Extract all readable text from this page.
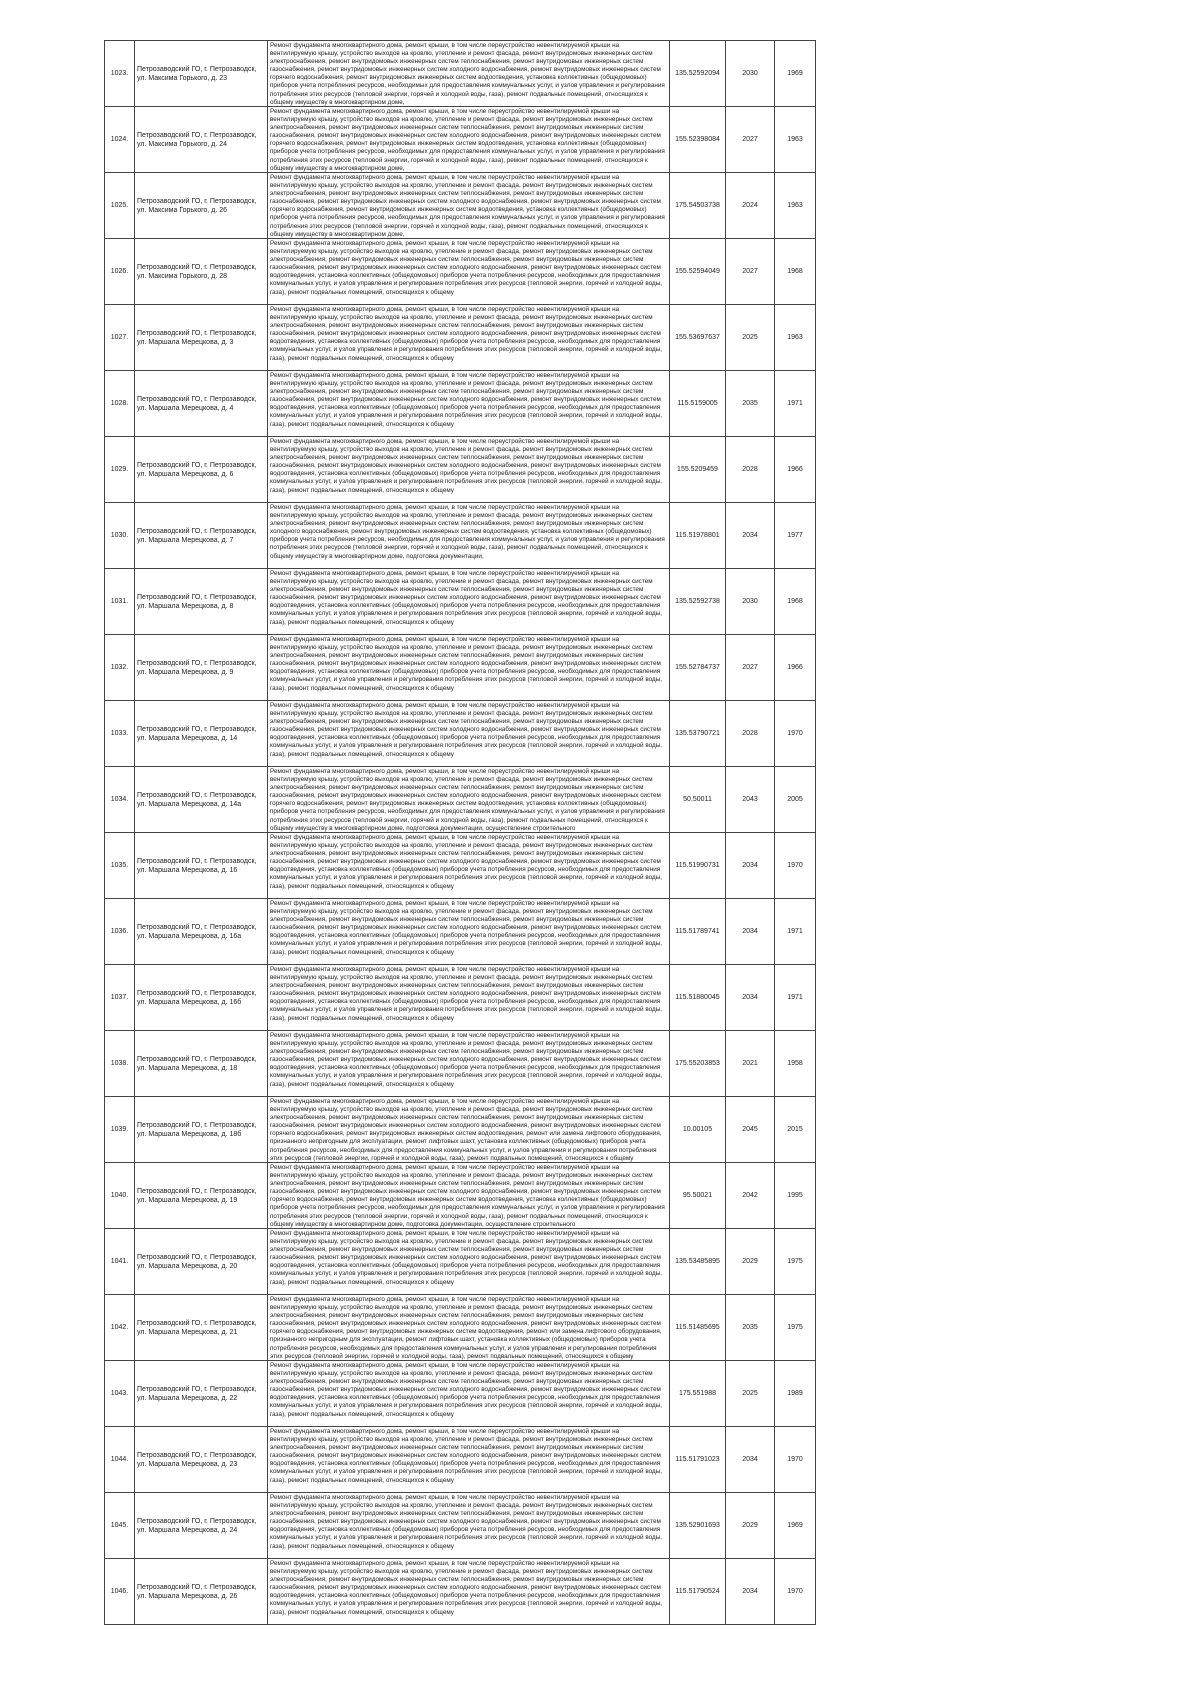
1023.	Петрозаводский ГО, г. Петрозаводск, ул. Максима Горького, д. 23	Ремонт фундамента многоквартирного дома, ремонт крыши, в том числе переустройство невентилируемой крыши на вентилируемую крышу, устройство выходов на кровлю, утепление и ремонт фасада, ремонт внутридомовых инженерных систем электроснабжения, ремонт внутридомовых инженерных систем теплоснабжения, ремонт внутридомовых инженерных систем газоснабжения, ремонт внутридомовых инженерных систем холодного водоснабжения, ремонт внутридомовых инженерных систем горячего водоснабжения, ремонт внутридомовых инженерных систем водоотведения, установка коллективных (общедомовых) приборов учета потребления ресурсов, необходимых для предоставления коммунальных услуг, и узлов управления и регулирования потребления этих ресурсов (тепловой энергии, горячей и холодной воды, газа), ремонт подвальных помещений, относящихся к общему имуществу в многоквартирном доме,	135.52592094	2030	1969
1024.	Петрозаводский ГО, г. Петрозаводск, ул. Максима Горького, д. 24	Ремонт фундамента многоквартирного дома, ремонт крыши, в том числе переустройство невентилируемой крыши на вентилируемую крышу, устройство выходов на кровлю, утепление и ремонт фасада, ремонт внутридомовых инженерных систем электроснабжения, ремонт внутридомовых инженерных систем теплоснабжения, ремонт внутридомовых инженерных систем газоснабжения, ремонт внутридомовых инженерных систем холодного водоснабжения, ремонт внутридомовых инженерных систем горячего водоснабжения, ремонт внутридомовых инженерных систем водоотведения, установка коллективных (общедомовых) приборов учета потребления ресурсов, необходимых для предоставления коммунальных услуг, и узлов управления и регулирования потребления этих ресурсов (тепловой энергии, горячей и холодной воды, газа), ремонт подвальных помещений, относящихся к общему имуществу в многоквартирном доме,	155.52398084	2027	1963
1025.	Петрозаводский ГО, г. Петрозаводск, ул. Максима Горького, д. 26	Ремонт фундамента многоквартирного дома, ремонт крыши, в том числе переустройство невентилируемой крыши на вентилируемую крышу, устройство выходов на кровлю, утепление и ремонт фасада, ремонт внутридомовых инженерных систем электроснабжения, ремонт внутридомовых инженерных систем теплоснабжения, ремонт внутридомовых инженерных систем газоснабжения, ремонт внутридомовых инженерных систем холодного водоснабжения, ремонт внутридомовых инженерных систем горячего водоснабжения, ремонт внутридомовых инженерных систем водоотведения, установка коллективных (общедомовых) приборов учета потребления ресурсов, необходимых для предоставления коммунальных услуг, и узлов управления и регулирования потребления этих ресурсов (тепловой энергии, горячей и холодной воды, газа), ремонт подвальных помещений, относящихся к общему имуществу в многоквартирном доме,	175.54503738	2024	1963
1026.	Петрозаводский ГО, г. Петрозаводск, ул. Максима Горького, д. 28	Ремонт фундамента многоквартирного дома, ремонт крыши, в том числе переустройство невентилируемой крыши на вентилируемую крышу, устройство выходов на кровлю, утепление и ремонт фасада, ремонт внутридомовых инженерных систем электроснабжения, ремонт внутридомовых инженерных систем теплоснабжения, ремонт внутридомовых инженерных систем газоснабжения, ремонт внутридомовых инженерных систем холодного водоснабжения, ремонт внутридомовых инженерных систем водоотведения, установка коллективных (общедомовых) приборов учета потребления ресурсов, необходимых для предоставления коммунальных услуг, и узлов управления и регулирования потребления этих ресурсов (тепловой энергии, горячей и холодной воды, газа), ремонт подвальных помещений, относящихся к общему	155.52594049	2027	1968
1027.	Петрозаводский ГО, г. Петрозаводск, ул. Маршала Мерецкова, д. 3	Ремонт фундамента многоквартирного дома, ремонт крыши, в том числе переустройство невентилируемой крыши на вентилируемую крышу, устройство выходов на кровлю, утепление и ремонт фасада, ремонт внутридомовых инженерных систем электроснабжения, ремонт внутридомовых инженерных систем теплоснабжения, ремонт внутридомовых инженерных систем газоснабжения, ремонт внутридомовых инженерных систем холодного водоснабжения, ремонт внутридомовых инженерных систем водоотведения, установка коллективных (общедомовых) приборов учета потребления ресурсов, необходимых для предоставления коммунальных услуг, и узлов управления и регулирования потребления этих ресурсов (тепловой энергии, горячей и холодной воды, газа), ремонт подвальных помещений, относящихся к общему	155.53697637	2025	1963
1028.	Петрозаводский ГО, г. Петрозаводск, ул. Маршала Мерецкова, д. 4	Ремонт фундамента многоквартирного дома, ремонт крыши, в том числе переустройство невентилируемой крыши на вентилируемую крышу, устройство выходов на кровлю, утепление и ремонт фасада, ремонт внутридомовых инженерных систем электроснабжения, ремонт внутридомовых инженерных систем теплоснабжения, ремонт внутридомовых инженерных систем газоснабжения, ремонт внутридомовых инженерных систем холодного водоснабжения, ремонт внутридомовых инженерных систем водоотведения, установка коллективных (общедомовых) приборов учета потребления ресурсов, необходимых для предоставления коммунальных услуг, и узлов управления и регулирования потребления этих ресурсов (тепловой энергии, горячей и холодной воды, газа), ремонт подвальных помещений, относящихся к общему	115.5159005	2035	1971
1029.	Петрозаводский ГО, г. Петрозаводск, ул. Маршала Мерецкова, д. 6	Ремонт фундамента многоквартирного дома, ремонт крыши, в том числе переустройство невентилируемой крыши на вентилируемую крышу, устройство выходов на кровлю, утепление и ремонт фасада, ремонт внутридомовых инженерных систем электроснабжения, ремонт внутридомовых инженерных систем теплоснабжения, ремонт внутридомовых инженерных систем газоснабжения, ремонт внутридомовых инженерных систем холодного водоснабжения, ремонт внутридомовых инженерных систем водоотведения, установка коллективных (общедомовых) приборов учета потребления ресурсов, необходимых для предоставления коммунальных услуг, и узлов управления и регулирования потребления этих ресурсов (тепловой энергии, горячей и холодной воды, газа), ремонт подвальных помещений, относящихся к общему	155.5209459	2028	1966
1030.	Петрозаводский ГО, г. Петрозаводск, ул. Маршала Мерецкова, д. 7	Ремонт фундамента многоквартирного дома, ремонт крыши, в том числе переустройство невентилируемой крыши на вентилируемую крышу, устройство выходов на кровлю, утепление и ремонт фасада, ремонт внутридомовых инженерных систем электроснабжения, ремонт внутридомовых инженерных систем теплоснабжения, ремонт внутридомовых инженерных систем холодного водоснабжения, ремонт внутридомовых инженерных систем водоотведения, установка коллективных (общедомовых) приборов учета потребления ресурсов, необходимых для предоставления коммунальных услуг, и узлов управления и регулирования потребления этих ресурсов (тепловой энергии, горячей и холодной воды, газа), ремонт подвальных помещений, относящихся к общему имуществу в многоквартирном доме, подготовка документации,	115.51978801	2034	1977
1031.	Петрозаводский ГО, г. Петрозаводск, ул. Маршала Мерецкова, д. 8	Ремонт фундамента многоквартирного дома, ремонт крыши, в том числе переустройство невентилируемой крыши на вентилируемую крышу, устройство выходов на кровлю, утепление и ремонт фасада, ремонт внутридомовых инженерных систем электроснабжения, ремонт внутридомовых инженерных систем теплоснабжения, ремонт внутридомовых инженерных систем газоснабжения, ремонт внутридомовых инженерных систем холодного водоснабжения, ремонт внутридомовых инженерных систем водоотведения, установка коллективных (общедомовых) приборов учета потребления ресурсов, необходимых для предоставления коммунальных услуг, и узлов управления и регулирования потребления этих ресурсов (тепловой энергии, горячей и холодной воды, газа), ремонт подвальных помещений, относящихся к общему	135.52592738	2030	1968
1032.	Петрозаводский ГО, г. Петрозаводск, ул. Маршала Мерецкова, д. 9	Ремонт фундамента многоквартирного дома, ремонт крыши, в том числе переустройство невентилируемой крыши на вентилируемую крышу, устройство выходов на кровлю, утепление и ремонт фасада, ремонт внутридомовых инженерных систем электроснабжения, ремонт внутридомовых инженерных систем теплоснабжения, ремонт внутридомовых инженерных систем газоснабжения, ремонт внутридомовых инженерных систем холодного водоснабжения, ремонт внутридомовых инженерных систем водоотведения, установка коллективных (общедомовых) приборов учета потребления ресурсов, необходимых для предоставления коммунальных услуг, и узлов управления и регулирования потребления этих ресурсов (тепловой энергии, горячей и холодной воды, газа), ремонт подвальных помещений, относящихся к общему	155.52784737	2027	1966
1033.	Петрозаводский ГО, г. Петрозаводск, ул. Маршала Мерецкова, д. 14	Ремонт фундамента многоквартирного дома, ремонт крыши, в том числе переустройство невентилируемой крыши на вентилируемую крышу, устройство выходов на кровлю, утепление и ремонт фасада, ремонт внутридомовых инженерных систем электроснабжения, ремонт внутридомовых инженерных систем теплоснабжения, ремонт внутридомовых инженерных систем газоснабжения, ремонт внутридомовых инженерных систем холодного водоснабжения, ремонт внутридомовых инженерных систем водоотведения, установка коллективных (общедомовых) приборов учета потребления ресурсов, необходимых для предоставления коммунальных услуг, и узлов управления и регулирования потребления этих ресурсов (тепловой энергии, горячей и холодной воды, газа), ремонт подвальных помещений, относящихся к общему	135.53790721	2028	1970
1034.	Петрозаводский ГО, г. Петрозаводск, ул. Маршала Мерецкова, д. 14а	Ремонт фундамента многоквартирного дома, ремонт крыши, в том числе переустройство невентилируемой крыши на вентилируемую крышу, устройство выходов на кровлю, утепление и ремонт фасада, ремонт внутридомовых инженерных систем электроснабжения, ремонт внутридомовых инженерных систем теплоснабжения, ремонт внутридомовых инженерных систем газоснабжения, ремонт внутридомовых инженерных систем холодного водоснабжения, ремонт внутридомовых инженерных систем горячего водоснабжения, ремонт внутридомовых инженерных систем водоотведения, установка коллективных (общедомовых) приборов учета потребления ресурсов, необходимых для предоставления коммунальных услуг, и узлов управления и регулирования потребления этих ресурсов (тепловой энергии, горячей и холодной воды, газа), ремонт подвальных помещений, относящихся к общему имуществу в многоквартирном доме, подготовка документации, осуществление строительного	50.50011	2043	2005
1035.	Петрозаводский ГО, г. Петрозаводск, ул. Маршала Мерецкова, д. 16	Ремонт фундамента многоквартирного дома, ремонт крыши, в том числе переустройство невентилируемой крыши на вентилируемую крышу, устройство выходов на кровлю, утепление и ремонт фасада, ремонт внутридомовых инженерных систем электроснабжения, ремонт внутридомовых инженерных систем теплоснабжения, ремонт внутридомовых инженерных систем газоснабжения, ремонт внутридомовых инженерных систем холодного водоснабжения, ремонт внутридомовых инженерных систем водоотведения, установка коллективных (общедомовых) приборов учета потребления ресурсов, необходимых для предоставления коммунальных услуг, и узлов управления и регулирования потребления этих ресурсов (тепловой энергии, горячей и холодной воды, газа), ремонт подвальных помещений, относящихся к общему	115.51990731	2034	1970
1036.	Петрозаводский ГО, г. Петрозаводск, ул. Маршала Мерецкова, д. 16а	Ремонт фундамента многоквартирного дома, ремонт крыши, в том числе переустройство невентилируемой крыши на вентилируемую крышу, устройство выходов на кровлю, утепление и ремонт фасада, ремонт внутридомовых инженерных систем электроснабжения, ремонт внутридомовых инженерных систем теплоснабжения, ремонт внутридомовых инженерных систем газоснабжения, ремонт внутридомовых инженерных систем холодного водоснабжения, ремонт внутридомовых инженерных систем водоотведения, установка коллективных (общедомовых) приборов учета потребления ресурсов, необходимых для предоставления коммунальных услуг, и узлов управления и регулирования потребления этих ресурсов (тепловой энергии, горячей и холодной воды, газа), ремонт подвальных помещений, относящихся к общему	115.51789741	2034	1971
1037.	Петрозаводский ГО, г. Петрозаводск, ул. Маршала Мерецкова, д. 16б	Ремонт фундамента многоквартирного дома, ремонт крыши, в том числе переустройство невентилируемой крыши на вентилируемую крышу, устройство выходов на кровлю, утепление и ремонт фасада, ремонт внутридомовых инженерных систем электроснабжения, ремонт внутридомовых инженерных систем теплоснабжения, ремонт внутридомовых инженерных систем газоснабжения, ремонт внутридомовых инженерных систем холодного водоснабжения, ремонт внутридомовых инженерных систем водоотведения, установка коллективных (общедомовых) приборов учета потребления ресурсов, необходимых для предоставления коммунальных услуг, и узлов управления и регулирования потребления этих ресурсов (тепловой энергии, горячей и холодной воды, газа), ремонт подвальных помещений, относящихся к общему	115.51880045	2034	1971
1038.	Петрозаводский ГО, г. Петрозаводск, ул. Маршала Мерецкова, д. 18	Ремонт фундамента многоквартирного дома, ремонт крыши, в том числе переустройство невентилируемой крыши на вентилируемую крышу, устройство выходов на кровлю, утепление и ремонт фасада, ремонт внутридомовых инженерных систем электроснабжения, ремонт внутридомовых инженерных систем теплоснабжения, ремонт внутридомовых инженерных систем газоснабжения, ремонт внутридомовых инженерных систем холодного водоснабжения, ремонт внутридомовых инженерных систем водоотведения, установка коллективных (общедомовых) приборов учета потребления ресурсов, необходимых для предоставления коммунальных услуг, и узлов управления и регулирования потребления этих ресурсов (тепловой энергии, горячей и холодной воды, газа), ремонт подвальных помещений, относящихся к общему	175.55203853	2021	1958
1039.	Петрозаводский ГО, г. Петрозаводск, ул. Маршала Мерецкова, д. 18б	Ремонт фундамента многоквартирного дома, ремонт крыши, в том числе переустройство невентилируемой крыши на вентилируемую крышу, устройство выходов на кровлю, утепление и ремонт фасада, ремонт внутридомовых инженерных систем электроснабжения, ремонт внутридомовых инженерных систем теплоснабжения, ремонт внутридомовых инженерных систем газоснабжения, ремонт внутридомовых инженерных систем холодного водоснабжения, ремонт внутридомовых инженерных систем горячего водоснабжения, ремонт внутридомовых инженерных систем водоотведения, ремонт или замена лифтового оборудования, признанного непригодным для эксплуатации, ремонт лифтовых шахт, установка коллективных (общедомовых) приборов учета потребления ресурсов, необходимых для предоставления коммунальных услуг, и узлов управления и регулирования потребления этих ресурсов (тепловой энергии, горячей и холодной воды, газа), ремонт подвальных помещений, относящихся к общему	10.00105	2045	2015
1040.	Петрозаводский ГО, г. Петрозаводск, ул. Маршала Мерецкова, д. 19	Ремонт фундамента многоквартирного дома, ремонт крыши, в том числе переустройство невентилируемой крыши на вентилируемую крышу, устройство выходов на кровлю, утепление и ремонт фасада, ремонт внутридомовых инженерных систем электроснабжения, ремонт внутридомовых инженерных систем теплоснабжения, ремонт внутридомовых инженерных систем газоснабжения, ремонт внутридомовых инженерных систем холодного водоснабжения, ремонт внутридомовых инженерных систем горячего водоснабжения, ремонт внутридомовых инженерных систем водоотведения, установка коллективных (общедомовых) приборов учета потребления ресурсов, необходимых для предоставления коммунальных услуг, и узлов управления и регулирования потребления этих ресурсов (тепловой энергии, горячей и холодной воды, газа), ремонт подвальных помещений, относящихся к общему имуществу в многоквартирном доме, подготовка документации, осуществление строительного	95.50021	2042	1995
1041.	Петрозаводский ГО, г. Петрозаводск, ул. Маршала Мерецкова, д. 20	Ремонт фундамента многоквартирного дома, ремонт крыши, в том числе переустройство невентилируемой крыши на вентилируемую крышу, устройство выходов на кровлю, утепление и ремонт фасада, ремонт внутридомовых инженерных систем электроснабжения, ремонт внутридомовых инженерных систем теплоснабжения, ремонт внутридомовых инженерных систем газоснабжения, ремонт внутридомовых инженерных систем холодного водоснабжения, ремонт внутридомовых инженерных систем водоотведения, установка коллективных (общедомовых) приборов учета потребления ресурсов, необходимых для предоставления коммунальных услуг, и узлов управления и регулирования потребления этих ресурсов (тепловой энергии, горячей и холодной воды, газа), ремонт подвальных помещений, относящихся к общему	135.53485895	2029	1975
1042.	Петрозаводский ГО, г. Петрозаводск, ул. Маршала Мерецкова, д. 21	Ремонт фундамента многоквартирного дома, ремонт крыши, в том числе переустройство невентилируемой крыши на вентилируемую крышу, устройство выходов на кровлю, утепление и ремонт фасада, ремонт внутридомовых инженерных систем электроснабжения, ремонт внутридомовых инженерных систем теплоснабжения, ремонт внутридомовых инженерных систем газоснабжения, ремонт внутридомовых инженерных систем холодного водоснабжения, ремонт внутридомовых инженерных систем горячего водоснабжения, ремонт внутридомовых инженерных систем водоотведения, ремонт или замена лифтового оборудования, признанного непригодным для эксплуатации, ремонт лифтовых шахт, установка коллективных (общедомовых) приборов учета потребления ресурсов, необходимых для предоставления коммунальных услуг, и узлов управления и регулирования потребления этих ресурсов (тепловой энергии, горячей и холодной воды, газа), ремонт подвальных помещений, относящихся к общему	115.51485695	2035	1975
1043.	Петрозаводский ГО, г. Петрозаводск, ул. Маршала Мерецкова, д. 22	Ремонт фундамента многоквартирного дома, ремонт крыши, в том числе переустройство невентилируемой крыши на вентилируемую крышу, устройство выходов на кровлю, утепление и ремонт фасада, ремонт внутридомовых инженерных систем электроснабжения, ремонт внутридомовых инженерных систем теплоснабжения, ремонт внутридомовых инженерных систем газоснабжения, ремонт внутридомовых инженерных систем холодного водоснабжения, ремонт внутридомовых инженерных систем водоотведения, установка коллективных (общедомовых) приборов учета потребления ресурсов, необходимых для предоставления коммунальных услуг, и узлов управления и регулирования потребления этих ресурсов (тепловой энергии, горячей и холодной воды, газа), ремонт подвальных помещений, относящихся к общему	175.551988	2025	1989
1044.	Петрозаводский ГО, г. Петрозаводск, ул. Маршала Мерецкова, д. 23	Ремонт фундамента многоквартирного дома, ремонт крыши, в том числе переустройство невентилируемой крыши на вентилируемую крышу, устройство выходов на кровлю, утепление и ремонт фасада, ремонт внутридомовых инженерных систем электроснабжения, ремонт внутридомовых инженерных систем теплоснабжения, ремонт внутридомовых инженерных систем газоснабжения, ремонт внутридомовых инженерных систем холодного водоснабжения, ремонт внутридомовых инженерных систем водоотведения, установка коллективных (общедомовых) приборов учета потребления ресурсов, необходимых для предоставления коммунальных услуг, и узлов управления и регулирования потребления этих ресурсов (тепловой энергии, горячей и холодной воды, газа), ремонт подвальных помещений, относящихся к общему	115.51791023	2034	1970
1045.	Петрозаводский ГО, г. Петрозаводск, ул. Маршала Мерецкова, д. 24	Ремонт фундамента многоквартирного дома, ремонт крыши, в том числе переустройство невентилируемой крыши на вентилируемую крышу, устройство выходов на кровлю, утепление и ремонт фасада, ремонт внутридомовых инженерных систем электроснабжения, ремонт внутридомовых инженерных систем теплоснабжения, ремонт внутридомовых инженерных систем газоснабжения, ремонт внутридомовых инженерных систем холодного водоснабжения, ремонт внутридомовых инженерных систем водоотведения, установка коллективных (общедомовых) приборов учета потребления ресурсов, необходимых для предоставления коммунальных услуг, и узлов управления и регулирования потребления этих ресурсов (тепловой энергии, горячей и холодной воды, газа), ремонт подвальных помещений, относящихся к общему	135.52901693	2029	1969
1046.	Петрозаводский ГО, г. Петрозаводск, ул. Маршала Мерецкова, д. 26	Ремонт фундамента многоквартирного дома, ремонт крыши, в том числе переустройство невентилируемой крыши на вентилируемую крышу, устройство выходов на кровлю, утепление и ремонт фасада, ремонт внутридомовых инженерных систем электроснабжения, ремонт внутридомовых инженерных систем теплоснабжения, ремонт внутридомовых инженерных систем газоснабжения, ремонт внутридомовых инженерных систем холодного водоснабжения, ремонт внутридомовых инженерных систем водоотведения, установка коллективных (общедомовых) приборов учета потребления ресурсов, необходимых для предоставления коммунальных услуг, и узлов управления и регулирования потребления этих ресурсов (тепловой энергии, горячей и холодной воды, газа), ремонт подвальных помещений, относящихся к общему	115.51790524	2034	1970
